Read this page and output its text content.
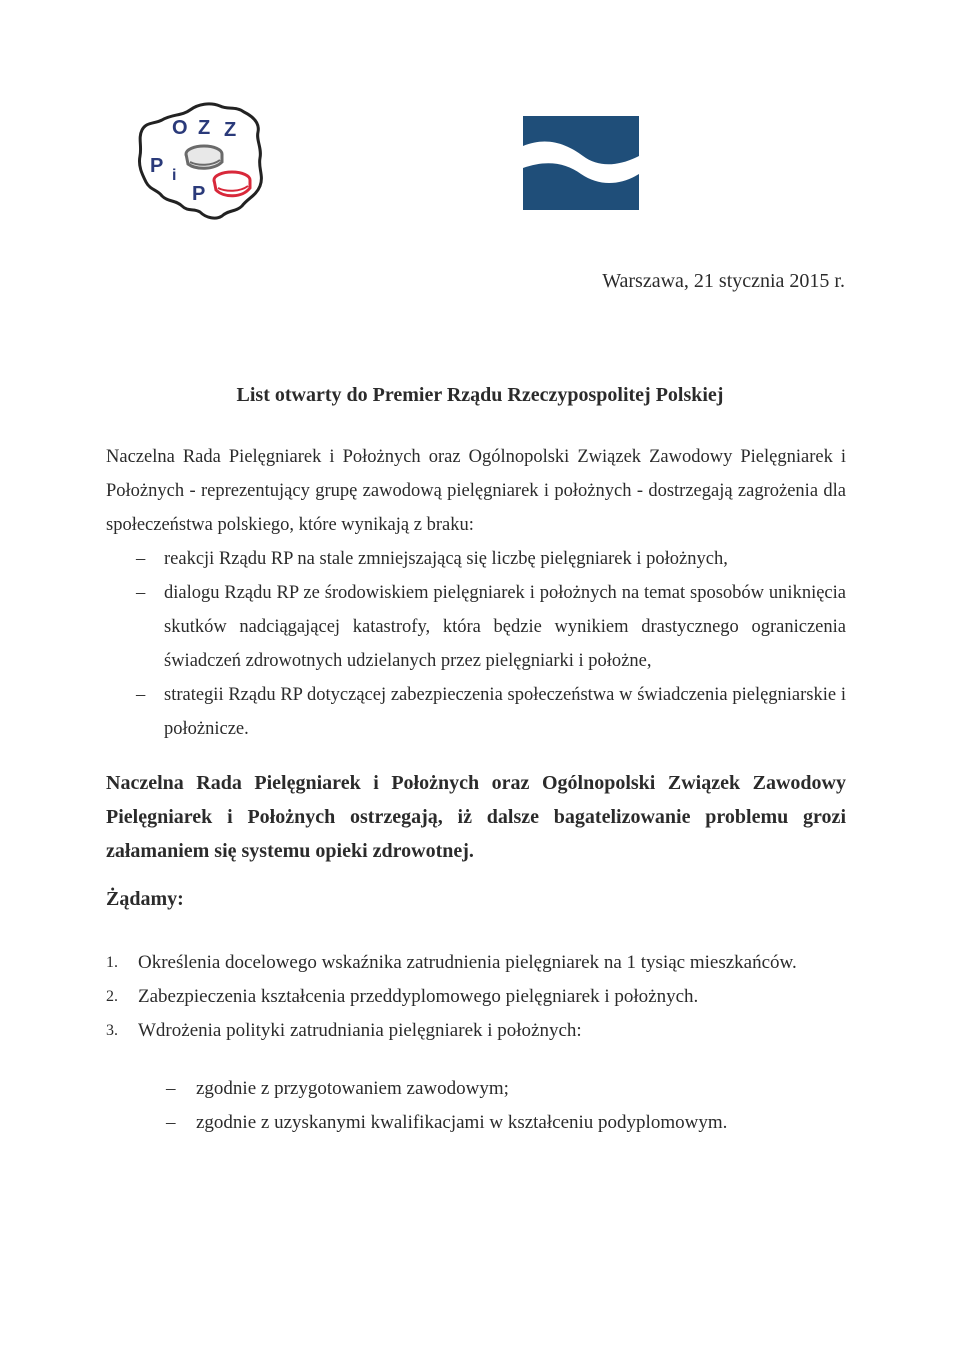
O Z Z
P i
P
Warszawa, 21 stycznia 2015 r.
List otwarty do Premier Rządu Rzeczypospolitej Polskiej

Naczelna Rada Pielęgniarek i Położnych oraz Ogólnopolski Związek Zawodowy Pielęgniarek i Położnych - reprezentujący grupę zawodową pielęgniarek i położnych - dostrzegają zagrożenia dla społeczeństwa polskiego, które wynikają z braku:

– reakcji Rządu RP na stale zmniejszającą się liczbę pielęgniarek i położnych,
– dialogu Rządu RP ze środowiskiem pielęgniarek i położnych na temat sposobów uniknięcia skutków nadciągającej katastrofy, która będzie wynikiem drastycznego ograniczenia świadczeń zdrowotnych udzielanych przez pielęgniarki i położne,
– strategii Rządu RP dotyczącej zabezpieczenia społeczeństwa w świadczenia pielęgniarskie i położnicze.

Naczelna Rada Pielęgniarek i Położnych oraz Ogólnopolski Związek Zawodowy Pielęgniarek i Położnych ostrzegają, iż dalsze bagatelizowanie problemu grozi załamaniem się systemu opieki zdrowotnej.

Żądamy:

1. Określenia docelowego wskaźnika zatrudnienia pielęgniarek na 1 tysiąc mieszkańców.
2. Zabezpieczenia kształcenia przeddyplomowego pielęgniarek i położnych.
3. Wdrożenia polityki zatrudniania pielęgniarek i położnych:
– zgodnie z przygotowaniem zawodowym;
– zgodnie z uzyskanymi kwalifikacjami w kształceniu podyplomowym.
